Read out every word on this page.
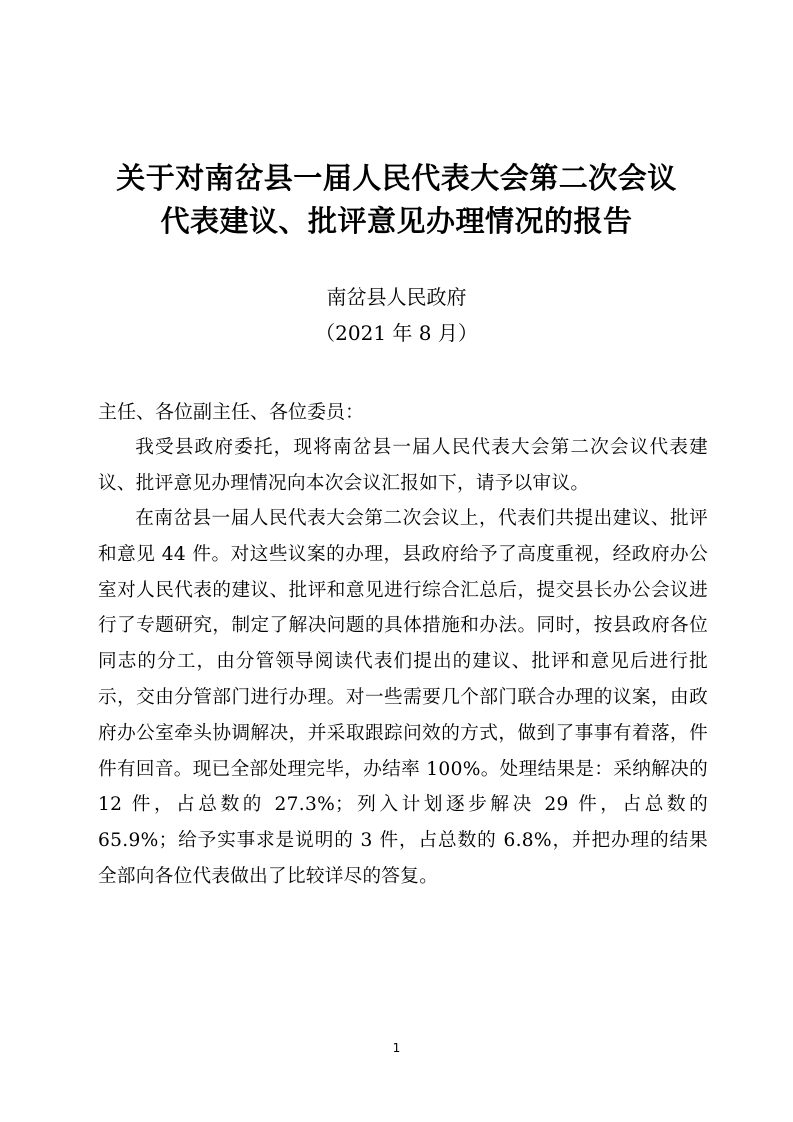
关于对南岔县一届人民代表大会第二次会议
代表建议、批评意见办理情况的报告
南岔县人民政府
（2021 年 8 月）
主任、各位副主任、各位委员：

我受县政府委托，现将南岔县一届人民代表大会第二次会议代表建议、批评意见办理情况向本次会议汇报如下，请予以审议。

在南岔县一届人民代表大会第二次会议上，代表们共提出建议、批评和意见 44 件。对这些议案的办理，县政府给予了高度重视，经政府办公室对人民代表的建议、批评和意见进行综合汇总后，提交县长办公会议进行了专题研究，制定了解决问题的具体措施和办法。同时，按县政府各位同志的分工，由分管领导阅读代表们提出的建议、批评和意见后进行批示，交由分管部门进行办理。对一些需要几个部门联合办理的议案，由政府办公室牵头协调解决，并采取跟踪问效的方式，做到了事事有着落，件件有回音。现已全部处理完毕，办结率 100%。处理结果是：采纳解决的 12 件，占总数的 27.3%；列入计划逐步解决 29 件，占总数的 65.9%；给予实事求是说明的 3 件，占总数的 6.8%，并把办理的结果全部向各位代表做出了比较详尽的答复。

1
